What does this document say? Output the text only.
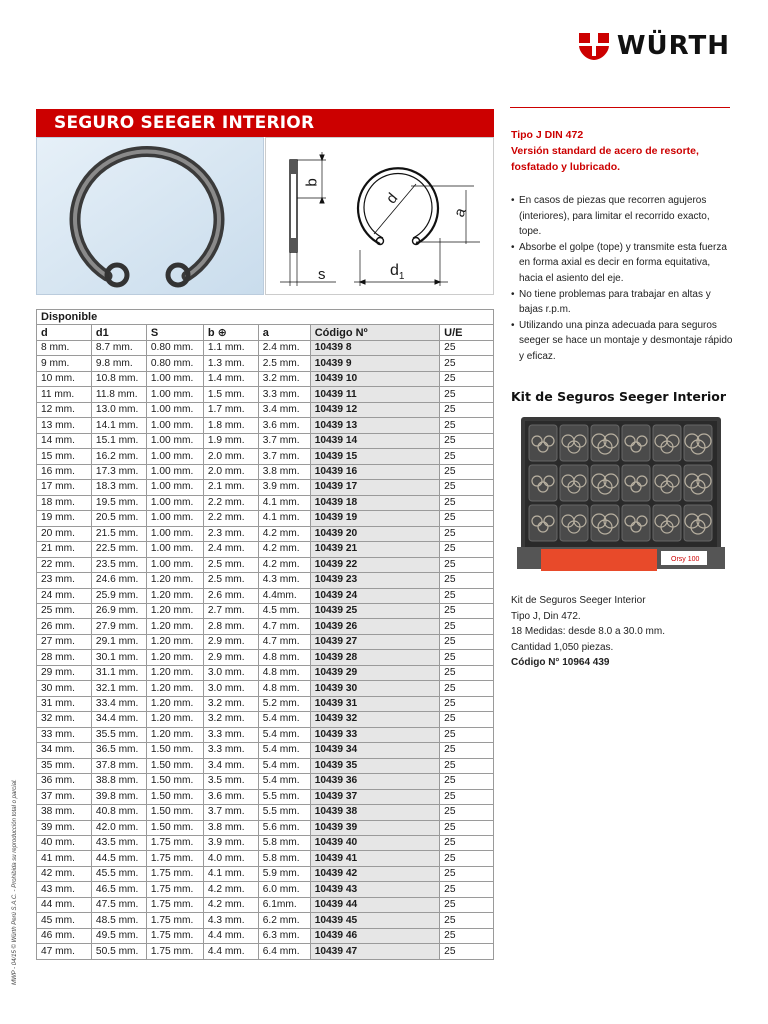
WÜRTH
SEGURO SEEGER INTERIOR
b
d
a
s	$d_1$
Disponible						
d	d1	S	b ⊕	a	Código Nº	U/E
8 mm.	8.7 mm.	0.80 mm.	1.1 mm.	2.4 mm.	10439 8	25
9 mm.	9.8 mm.	0.80 mm.	1.3 mm.	2.5 mm.	10439 9	25
10 mm.	10.8 mm.	1.00 mm.	1.4 mm.	3.2 mm.	10439 10	25
11 mm.	11.8 mm.	1.00 mm.	1.5 mm.	3.3 mm.	10439 11	25
12 mm.	13.0 mm.	1.00 mm.	1.7 mm.	3.4 mm.	10439 12	25
13 mm.	14.1 mm.	1.00 mm.	1.8 mm.	3.6 mm.	10439 13	25
14 mm.	15.1 mm.	1.00 mm.	1.9 mm.	3.7 mm.	10439 14	25
15 mm.	16.2 mm.	1.00 mm.	2.0 mm.	3.7 mm.	10439 15	25
16 mm.	17.3 mm.	1.00 mm.	2.0 mm.	3.8 mm.	10439 16	25
17 mm.	18.3 mm.	1.00 mm.	2.1 mm.	3.9 mm.	10439 17	25
18 mm.	19.5 mm.	1.00 mm.	2.2 mm.	4.1 mm.	10439 18	25
19 mm.	20.5 mm.	1.00 mm.	2.2 mm.	4.1 mm.	10439 19	25
20 mm.	21.5 mm.	1.00 mm.	2.3 mm.	4.2 mm.	10439 20	25
21 mm.	22.5 mm.	1.00 mm.	2.4 mm.	4.2 mm.	10439 21	25
22 mm.	23.5 mm.	1.00 mm.	2.5 mm.	4.2 mm.	10439 22	25
23 mm.	24.6 mm.	1.20 mm.	2.5 mm.	4.3 mm.	10439 23	25
24 mm.	25.9 mm.	1.20 mm.	2.6 mm.	4.4mm.	10439 24	25
25 mm.	26.9 mm.	1.20 mm.	2.7 mm.	4.5 mm.	10439 25	25
26 mm.	27.9 mm.	1.20 mm.	2.8 mm.	4.7 mm.	10439 26	25
27 mm.	29.1 mm.	1.20 mm.	2.9 mm.	4.7 mm.	10439 27	25
28 mm.	30.1 mm.	1.20 mm.	2.9 mm.	4.8 mm.	10439 28	25
29 mm.	31.1 mm.	1.20 mm.	3.0 mm.	4.8 mm.	10439 29	25
30 mm.	32.1 mm.	1.20 mm.	3.0 mm.	4.8 mm.	10439 30	25
31 mm.	33.4 mm.	1.20 mm.	3.2 mm.	5.2 mm.	10439 31	25
32 mm.	34.4 mm.	1.20 mm.	3.2 mm.	5.4 mm.	10439 32	25
33 mm.	35.5 mm.	1.20 mm.	3.3 mm.	5.4 mm.	10439 33	25
34 mm.	36.5 mm.	1.50 mm.	3.3 mm.	5.4 mm.	10439 34	25
35 mm.	37.8 mm.	1.50 mm.	3.4 mm.	5.4 mm.	10439 35	25
36 mm.	38.8 mm.	1.50 mm.	3.5 mm.	5.4 mm.	10439 36	25
37 mm.	39.8 mm.	1.50 mm.	3.6 mm.	5.5 mm.	10439 37	25
38 mm.	40.8 mm.	1.50 mm.	3.7 mm.	5.5 mm.	10439 38	25
39 mm.	42.0 mm.	1.50 mm.	3.8 mm.	5.6 mm.	10439 39	25
40 mm.	43.5 mm.	1.75 mm.	3.9 mm.	5.8 mm.	10439 40	25
41 mm.	44.5 mm.	1.75 mm.	4.0 mm.	5.8 mm.	10439 41	25
42 mm.	45.5 mm.	1.75 mm.	4.1 mm.	5.9 mm.	10439 42	25
43 mm.	46.5 mm.	1.75 mm.	4.2 mm.	6.0 mm.	10439 43	25
44 mm.	47.5 mm.	1.75 mm.	4.2 mm.	6.1mm.	10439 44	25
45 mm.	48.5 mm.	1.75 mm.	4.3 mm.	6.2 mm.	10439 45	25
46 mm.	49.5 mm.	1.75 mm.	4.4 mm.	6.3 mm.	10439 46	25
47 mm.	50.5 mm.	1.75 mm.	4.4 mm.	6.4 mm.	10439 47	25
Tipo J DIN 472
Versión standard de acero de resorte, fosfatado y lubricado.
• En casos de piezas que recorren agujeros (interiores), para limitar el recorrido exacto, tope.
• Absorbe el golpe (tope) y transmite esta fuerza en forma axial es decir en forma equitativa, hacia el asiento del eje.
• No tiene problemas para trabajar en altas y bajas r.p.m.
• Utilizando una pinza adecuada para seguros seeger se hace un montaje y desmontaje rápido y eficaz.
Kit de Seguros Seeger Interior
Orsy 100
Kit de Seguros Seeger Interior
Tipo J, Din 472.
18 Medidas: desde 8.0 a 30.0 mm.
Cantidad 1,050 piezas.
Código N° 10964 439
MWP - 04/15 © Würth Perú S.A.C. - Prohibida su reproducción total o parcial.
